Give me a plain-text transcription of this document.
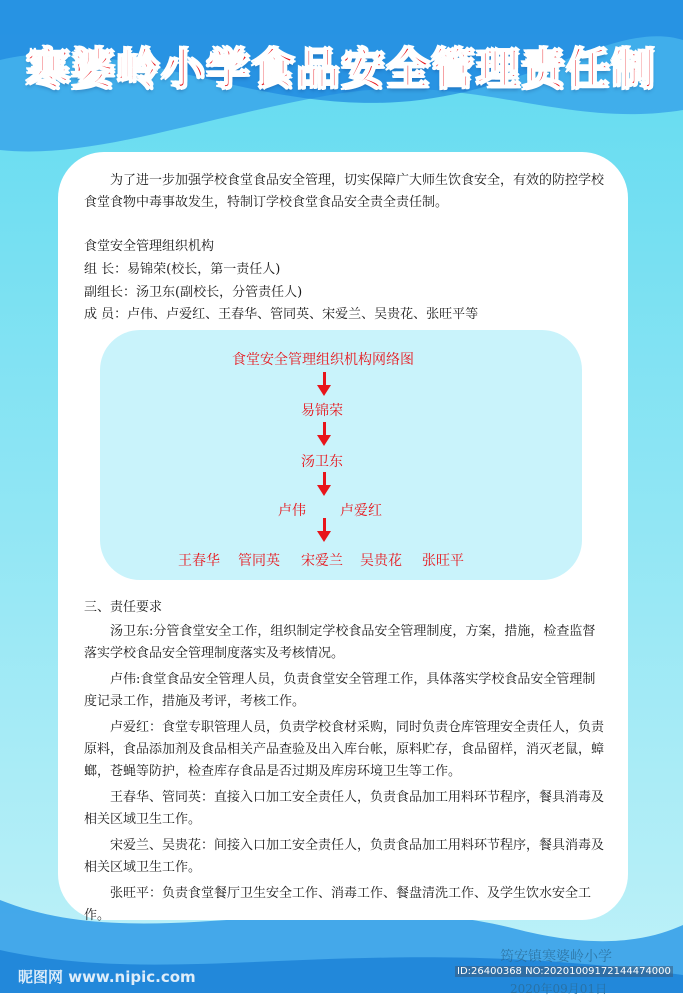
寒婆岭小学食品安全管理责任制
为了进一步加强学校食堂食品安全管理，切实保障广大师生饮食安全，有效的防控学校食堂食物中毒事故发生，特制订学校食堂食品安全责全责任制。
食堂安全管理组织机构
组 长：易锦荣(校长，第一责任人)
副组长：汤卫东(副校长，分管责任人)
成 员：卢伟、卢爱红、王春华、管同英、宋爱兰、吴贵花、张旺平等
食堂安全管理组织机构网络图
易锦荣
汤卫东
卢伟 卢爱红
王春华 管同英 宋爱兰 吴贵花 张旺平
三、责任要求
汤卫东:分管食堂安全工作，组织制定学校食品安全管理制度，方案，措施，检查监督落实学校食品安全管理制度落实及考核情况。
卢伟:食堂食品安全管理人员，负责食堂安全管理工作，具体落实学校食品安全管理制度记录工作，措施及考评，考核工作。
卢爱红：食堂专职管理人员，负责学校食材采购，同时负责仓库管理安全责任人，负责原料，食品添加剂及食品相关产品查验及出入库台帐，原料贮存，食品留样，消灭老鼠，蟑螂，苍蝇等防护，检查库存食品是否过期及库房环境卫生等工作。
王春华、管同英：直接入口加工安全责任人，负责食品加工用料环节程序，餐具消毒及相关区域卫生工作。
宋爱兰、吴贵花：间接入口加工安全责任人，负责食品加工用料环节程序，餐具消毒及相关区域卫生工作。
张旺平：负责食堂餐厅卫生安全工作、消毒工作、餐盘清洗工作、及学生饮水安全工作。
筠安镇寒婆岭小学
2020年09月01日
昵图网 www.nipic.com	ID:26400368 NO:20201009172144474000
